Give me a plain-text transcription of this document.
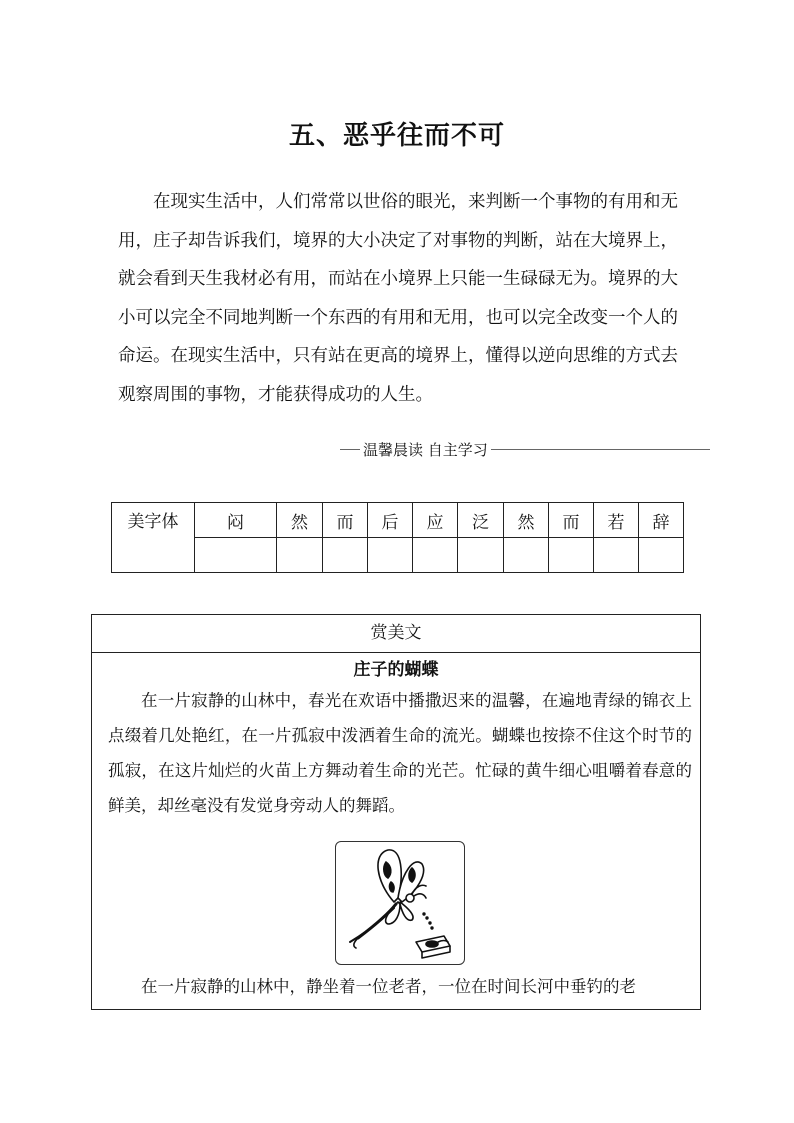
五、恶乎往而不可

在现实生活中，人们常常以世俗的眼光，来判断一个事物的有用和无用，庄子却告诉我们，境界的大小决定了对事物的判断，站在大境界上，就会看到天生我材必有用，而站在小境界上只能一生碌碌无为。境界的大小可以完全不同地判断一个东西的有用和无用，也可以完全改变一个人的命运。在现实生活中，只有站在更高的境界上，懂得以逆向思维的方式去观察周围的事物，才能获得成功的人生。

温馨晨读 自主学习
美字体	闷	然	而	后	应	泛	然	而	若	辞

赏美文
庄子的蝴蝶

在一片寂静的山林中，春光在欢语中播撒迟来的温馨，在遍地青绿的锦衣上点缀着几处艳红，在一片孤寂中泼洒着生命的流光。蝴蝶也按捺不住这个时节的孤寂，在这片灿烂的火苗上方舞动着生命的光芒。忙碌的黄牛细心咀嚼着春意的鲜美，却丝毫没有发觉身旁动人的舞蹈。

在一片寂静的山林中，静坐着一位老者，一位在时间长河中垂钓的老
